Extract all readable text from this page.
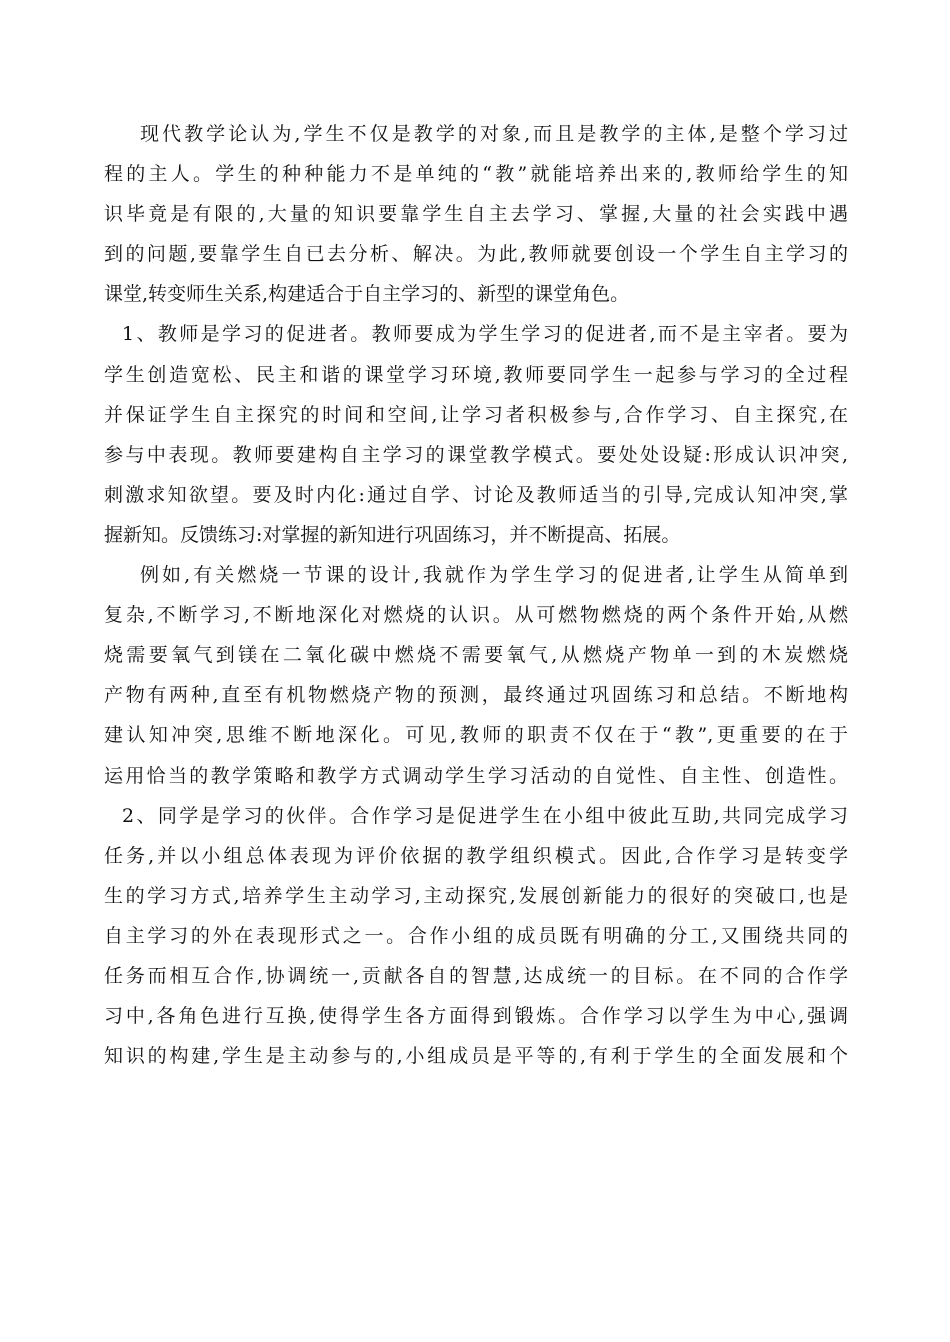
现代教学论认为,学生不仅是教学的对象,而且是教学的主体,是整个学习过
程的主人。学生的种种能力不是单纯的“教”就能培养出来的,教师给学生的知
识毕竟是有限的,大量的知识要靠学生自主去学习、掌握,大量的社会实践中遇
到的问题,要靠学生自已去分析、解决。为此,教师就要创设一个学生自主学习的
课堂,转变师生关系,构建适合于自主学习的、新型的课堂角色。
1、教师是学习的促进者。教师要成为学生学习的促进者,而不是主宰者。要为
学生创造宽松、民主和谐的课堂学习环境,教师要同学生一起参与学习的全过程
并保证学生自主探究的时间和空间,让学习者积极参与,合作学习、自主探究,在
参与中表现。教师要建构自主学习的课堂教学模式。要处处设疑:形成认识冲突,
刺激求知欲望。要及时内化:通过自学、讨论及教师适当的引导,完成认知冲突,掌
握新知。反馈练习:对掌握的新知进行巩固练习，并不断提高、拓展。
例如,有关燃烧一节课的设计,我就作为学生学习的促进者,让学生从简单到
复杂,不断学习,不断地深化对燃烧的认识。从可燃物燃烧的两个条件开始,从燃
烧需要氧气到镁在二氧化碳中燃烧不需要氧气,从燃烧产物单一到的木炭燃烧
产物有两种,直至有机物燃烧产物的预测，最终通过巩固练习和总结。不断地构
建认知冲突,思维不断地深化。可见,教师的职责不仅在于“教”,更重要的在于
运用恰当的教学策略和教学方式调动学生学习活动的自觉性、自主性、创造性。
2、同学是学习的伙伴。合作学习是促进学生在小组中彼此互助,共同完成学习
任务,并以小组总体表现为评价依据的教学组织模式。因此,合作学习是转变学
生的学习方式,培养学生主动学习,主动探究,发展创新能力的很好的突破口,也是
自主学习的外在表现形式之一。合作小组的成员既有明确的分工,又围绕共同的
任务而相互合作,协调统一,贡献各自的智慧,达成统一的目标。在不同的合作学
习中,各角色进行互换,使得学生各方面得到锻炼。合作学习以学生为中心,强调
知识的构建,学生是主动参与的,小组成员是平等的,有利于学生的全面发展和个
